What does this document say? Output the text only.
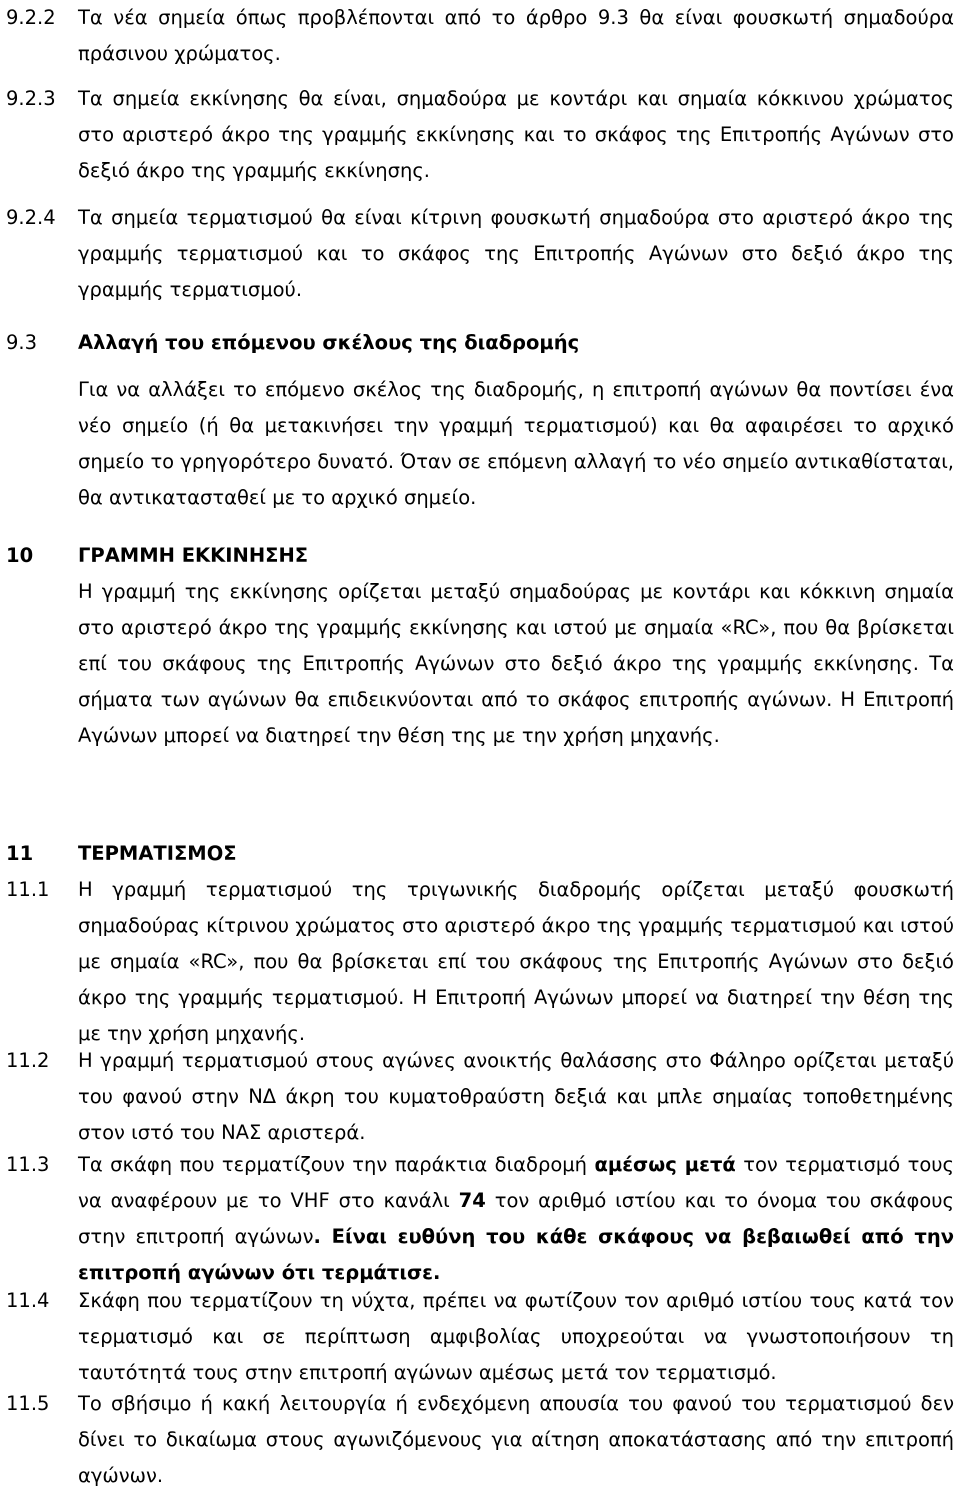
9.2.2 Τα νέα σημεία όπως προβλέπονται από το άρθρο 9.3 θα είναι φουσκωτή σημαδούρα πράσινου χρώματος.
9.2.3 Τα σημεία εκκίνησης θα είναι, σημαδούρα με κοντάρι και σημαία κόκκινου χρώματος στο αριστερό άκρο της γραμμής εκκίνησης και το σκάφος της Επιτροπής Αγώνων στο δεξιό άκρο της γραμμής εκκίνησης.
9.2.4 Τα σημεία τερματισμού θα είναι κίτρινη φουσκωτή σημαδούρα στο αριστερό άκρο της γραμμής τερματισμού και το σκάφος της Επιτροπής Αγώνων στο δεξιό άκρο της γραμμής τερματισμού.
9.3 Αλλαγή του επόμενου σκέλους της διαδρομής
Για να αλλάξει το επόμενο σκέλος της διαδρομής, η επιτροπή αγώνων θα ποντίσει ένα νέο σημείο (ή θα μετακινήσει την γραμμή τερματισμού) και θα αφαιρέσει το αρχικό σημείο το γρηγορότερο δυνατό. Όταν σε επόμενη αλλαγή το νέο σημείο αντικαθίσταται, θα αντικατασταθεί με το αρχικό σημείο.
10 ΓΡΑΜΜΗ ΕΚΚΙΝΗΣΗΣ
Η γραμμή της εκκίνησης ορίζεται μεταξύ σημαδούρας με κοντάρι και κόκκινη σημαία στο αριστερό άκρο της γραμμής εκκίνησης και ιστού με σημαία «RC», που θα βρίσκεται επί του σκάφους της Επιτροπής Αγώνων στο δεξιό άκρο της γραμμής εκκίνησης. Τα σήματα των αγώνων θα επιδεικνύονται από το σκάφος επιτροπής αγώνων. Η Επιτροπή Αγώνων μπορεί να διατηρεί την θέση της με την χρήση μηχανής.
11 ΤΕΡΜΑΤΙΣΜΟΣ
11.1 Η γραμμή τερματισμού της τριγωνικής διαδρομής ορίζεται μεταξύ φουσκωτή σημαδούρας κίτρινου χρώματος στο αριστερό άκρο της γραμμής τερματισμού και ιστού με σημαία «RC», που θα βρίσκεται επί του σκάφους της Επιτροπής Αγώνων στο δεξιό άκρο της γραμμής τερματισμού. Η Επιτροπή Αγώνων μπορεί να διατηρεί την θέση της με την χρήση μηχανής.
11.2 Η γραμμή τερματισμού στους αγώνες ανοικτής θαλάσσης στο Φάληρο ορίζεται μεταξύ του φανού στην ΝΔ άκρη του κυματοθραύστη δεξιά και μπλε σημαίας τοποθετημένης στον ιστό του ΝΑΣ αριστερά.
11.3 Τα σκάφη που τερματίζουν την παράκτια διαδρομή αμέσως μετά τον τερματισμό τους να αναφέρουν με το VHF στο κανάλι 74 τον αριθμό ιστίου και το όνομα του σκάφους στην επιτροπή αγώνων. Είναι ευθύνη του κάθε σκάφους να βεβαιωθεί από την επιτροπή αγώνων ότι τερμάτισε.
11.4 Σκάφη που τερματίζουν τη νύχτα, πρέπει να φωτίζουν τον αριθμό ιστίου τους κατά τον τερματισμό και σε περίπτωση αμφιβολίας υποχρεούται να γνωστοποιήσουν τη ταυτότητά τους στην επιτροπή αγώνων αμέσως μετά τον τερματισμό.
11.5 Το σβήσιμο ή κακή λειτουργία ή ενδεχόμενη απουσία του φανού του τερματισμού δεν δίνει το δικαίωμα στους αγωνιζόμενους για αίτηση αποκατάστασης από την επιτροπή αγώνων.
